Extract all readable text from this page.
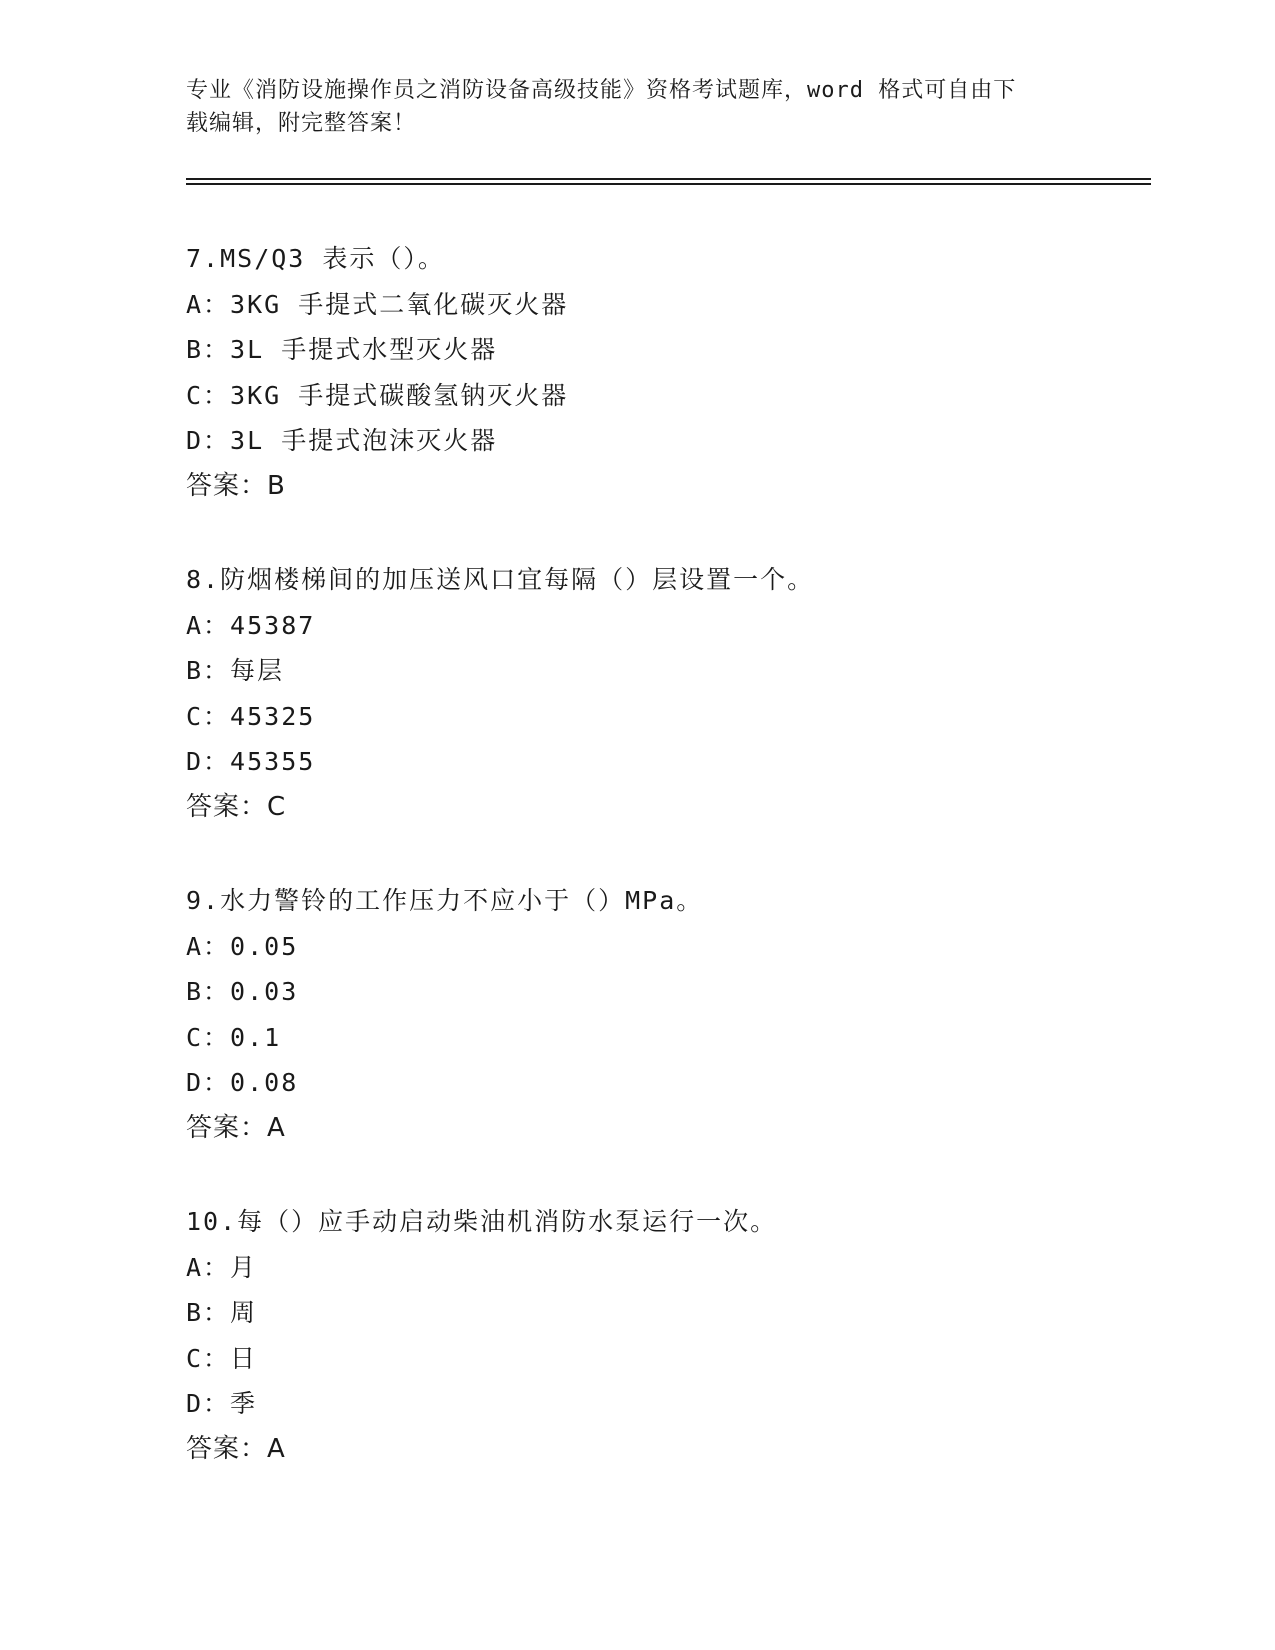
专业《消防设施操作员之消防设备高级技能》资格考试题库，word 格式可自由下
载编辑，附完整答案！
7.MS/Q3 表示（）。
A：3KG 手提式二氧化碳灭火器
B：3L 手提式水型灭火器
C：3KG 手提式碳酸氢钠灭火器
D：3L 手提式泡沫灭火器
答案：B
8.防烟楼梯间的加压送风口宜每隔（）层设置一个。
A：45387
B：每层
C：45325
D：45355
答案：C
9.水力警铃的工作压力不应小于（）MPa。
A：0.05
B：0.03
C：0.1
D：0.08
答案：A
10.每（）应手动启动柴油机消防水泵运行一次。
A：月
B：周
C：日
D：季
答案：A
